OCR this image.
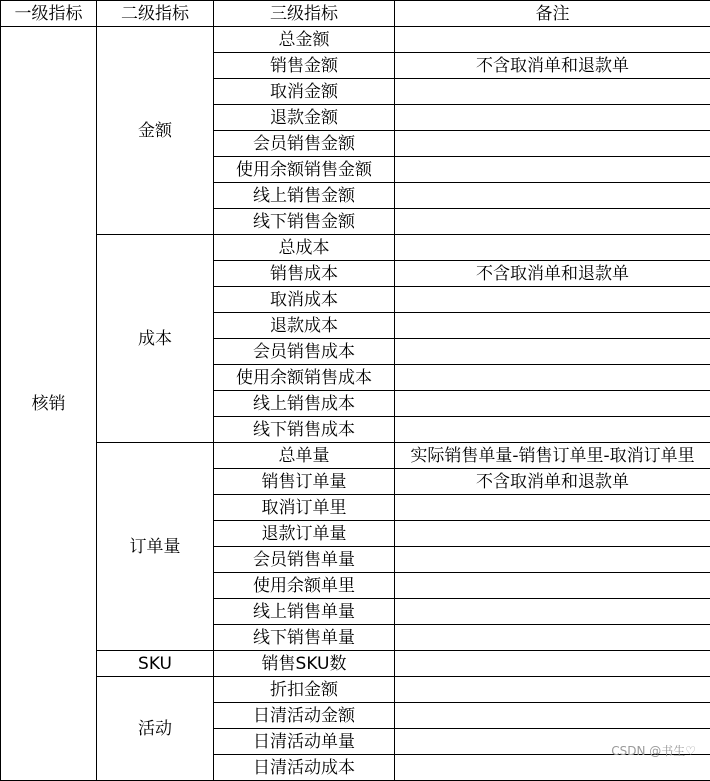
一级指标	二级指标	三级指标	备注
核销	金额	总金额	
		销售金额	不含取消单和退款单
		取消金额	
		退款金额	
		会员销售金额	
		使用余额销售金额	
		线上销售金额	
		线下销售金额	
	成本	总成本	
		销售成本	不含取消单和退款单
		取消成本	
		退款成本	
		会员销售成本	
		使用余额销售成本	
		线上销售成本	
		线下销售成本	
	订单量	总单量	实际销售单量-销售订单里-取消订单里
		销售订单量	不含取消单和退款单
		取消订单里	
		退款订单量	
		会员销售单量	
		使用余额单里	
		线上销售单量	
		线下销售单量	
	SKU	销售SKU数	
	活动	折扣金额	
		日清活动金额	
		日清活动单量	
		日清活动成本	
CSDN @书生♡
